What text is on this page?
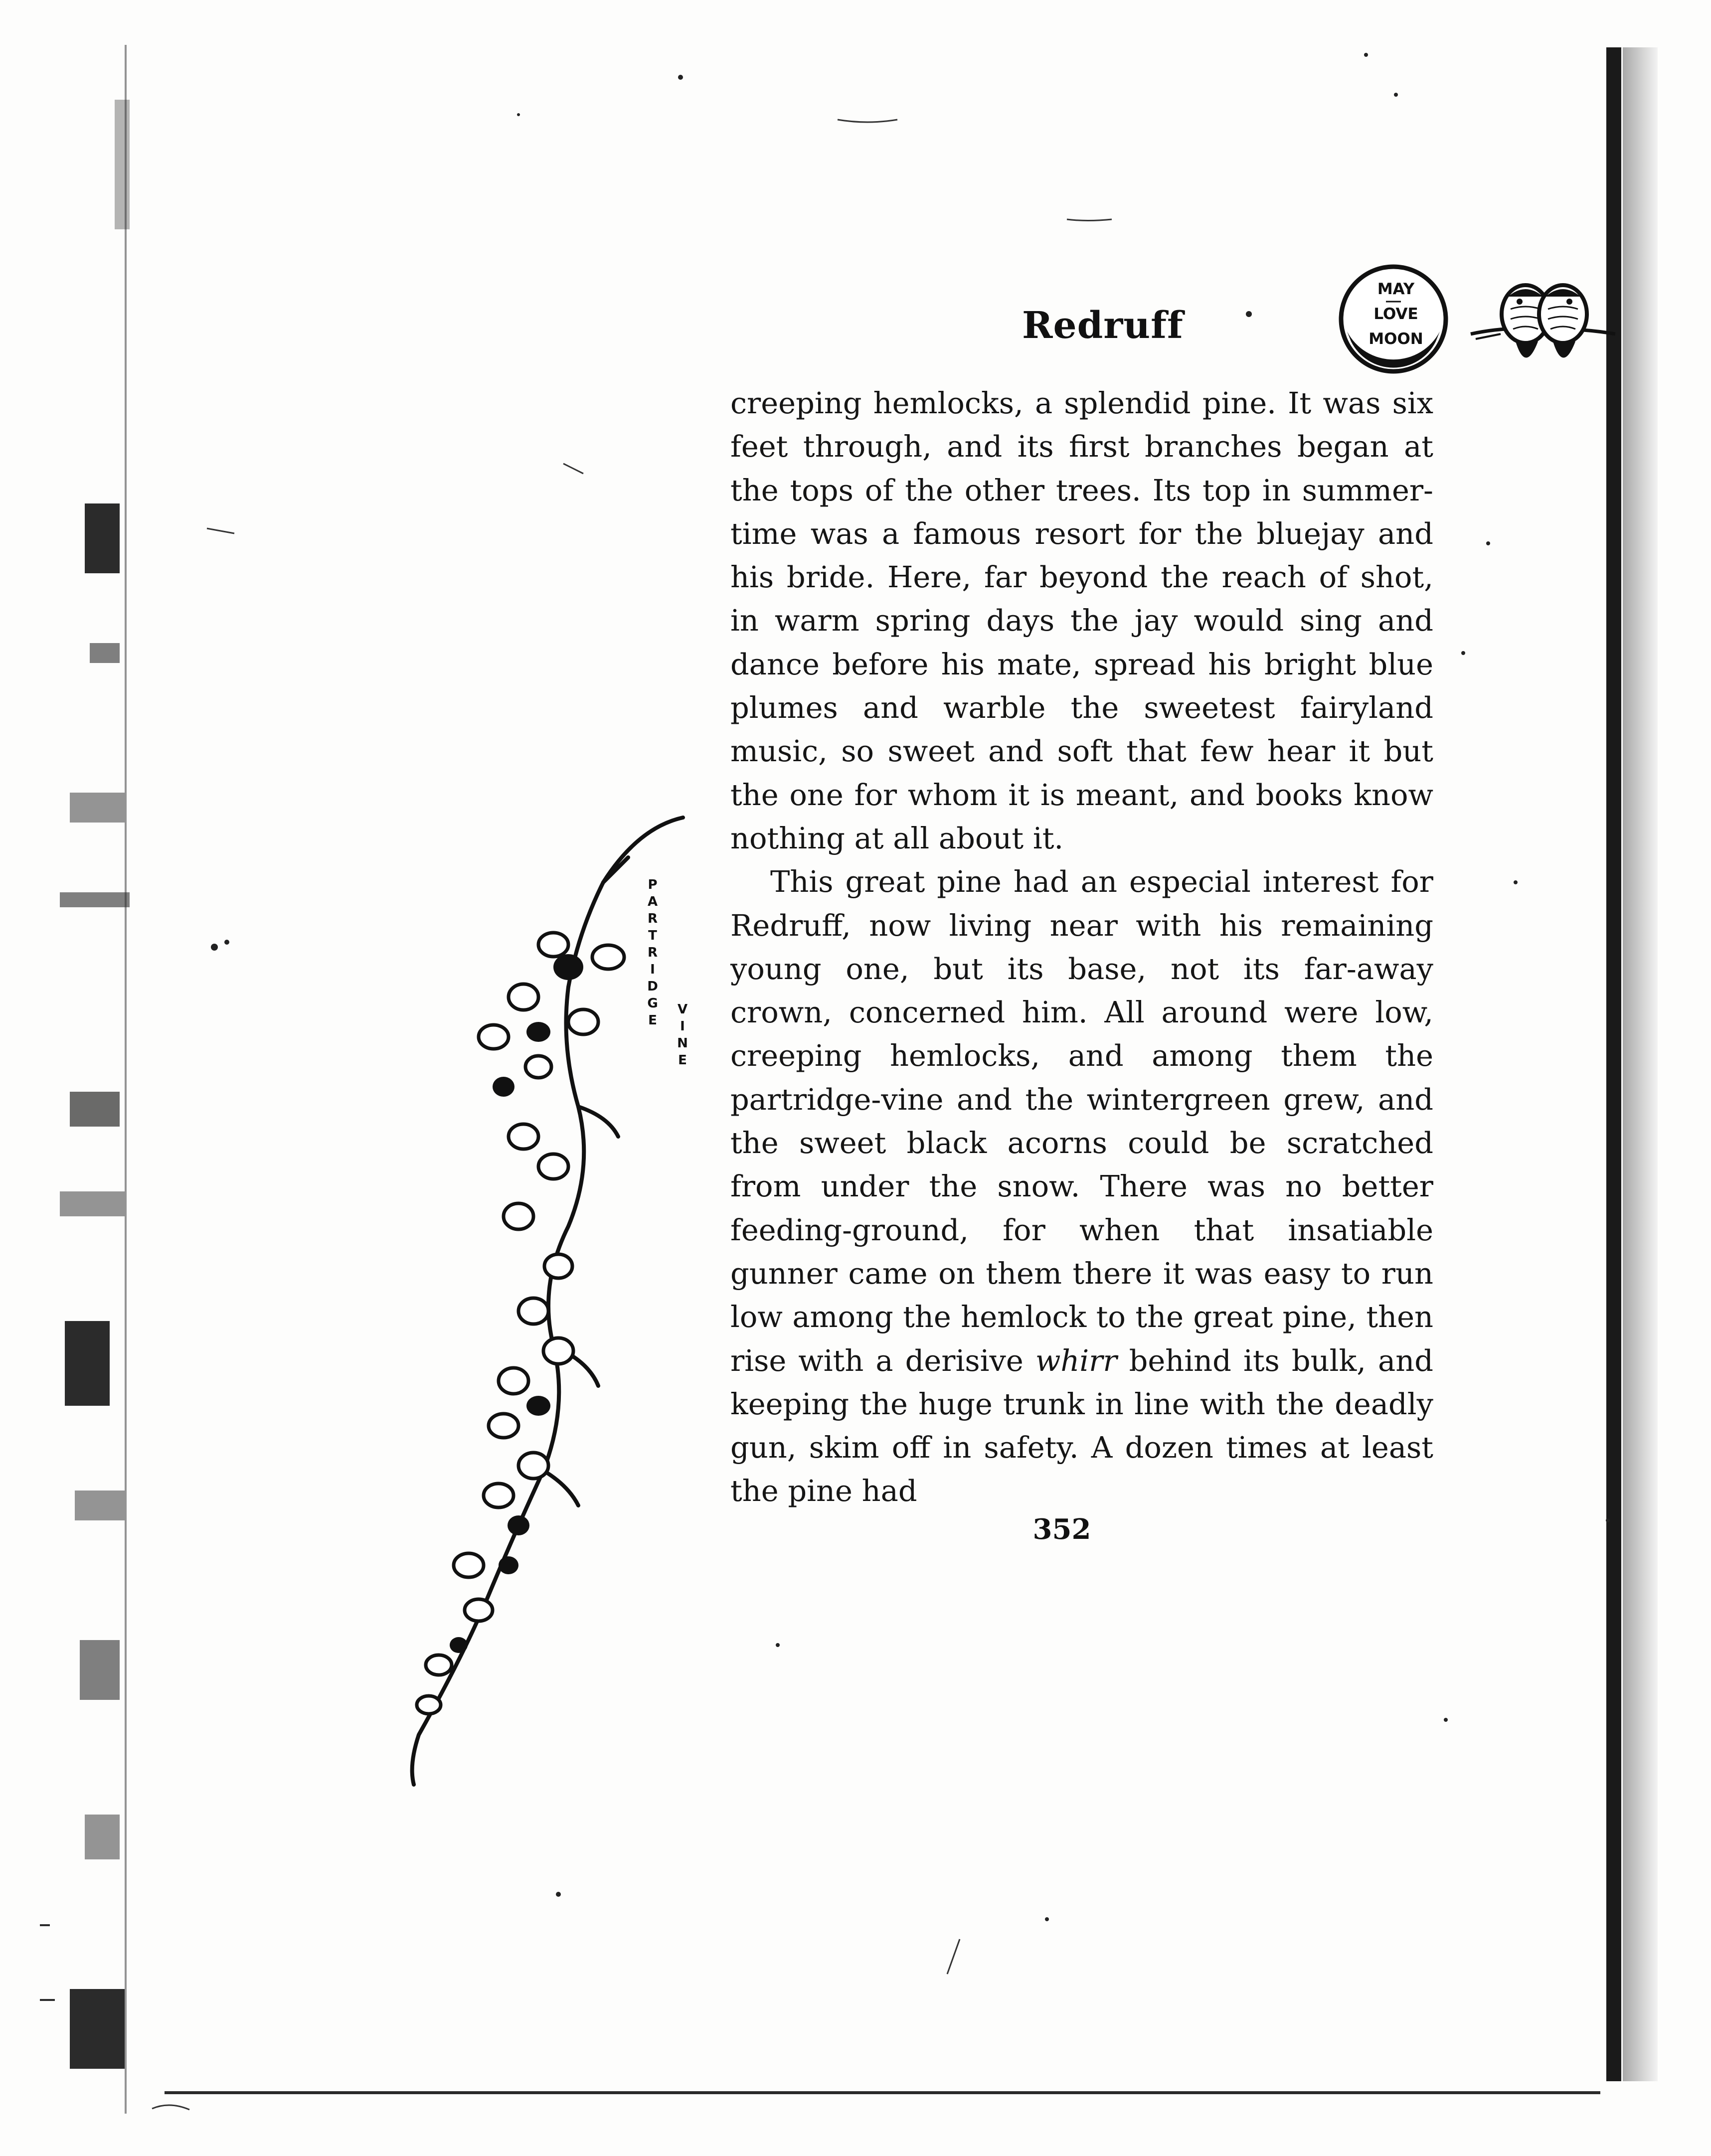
Redruff
MAY
LOVE
MOON

creeping hemlocks, a splendid pine. It was six feet through, and its first branches began at the tops of the other trees. Its top in summer-time was a famous resort for the bluejay and his bride. Here, far beyond the reach of shot, in warm spring days the jay would sing and dance before his mate, spread his bright blue plumes and warble the sweetest fairyland music, so sweet and soft that few hear it but the one for whom it is meant, and books know nothing at all about it.

This great pine had an especial interest for Redruff, now living near with his remaining young one, but its base, not its far-away crown, concerned him. All around were low, creeping hemlocks, and among them the partridge-vine and the wintergreen grew, and the sweet black acorns could be scratched from under the snow. There was no better feeding-ground, for when that insatiable gunner came on them there it was easy to run low among the hemlock to the great pine, then rise with a derisive whirr behind its bulk, and keeping the huge trunk in line with the deadly gun, skim off in safety. A dozen times at least the pine had

352
PARTRIDGE
VINE
